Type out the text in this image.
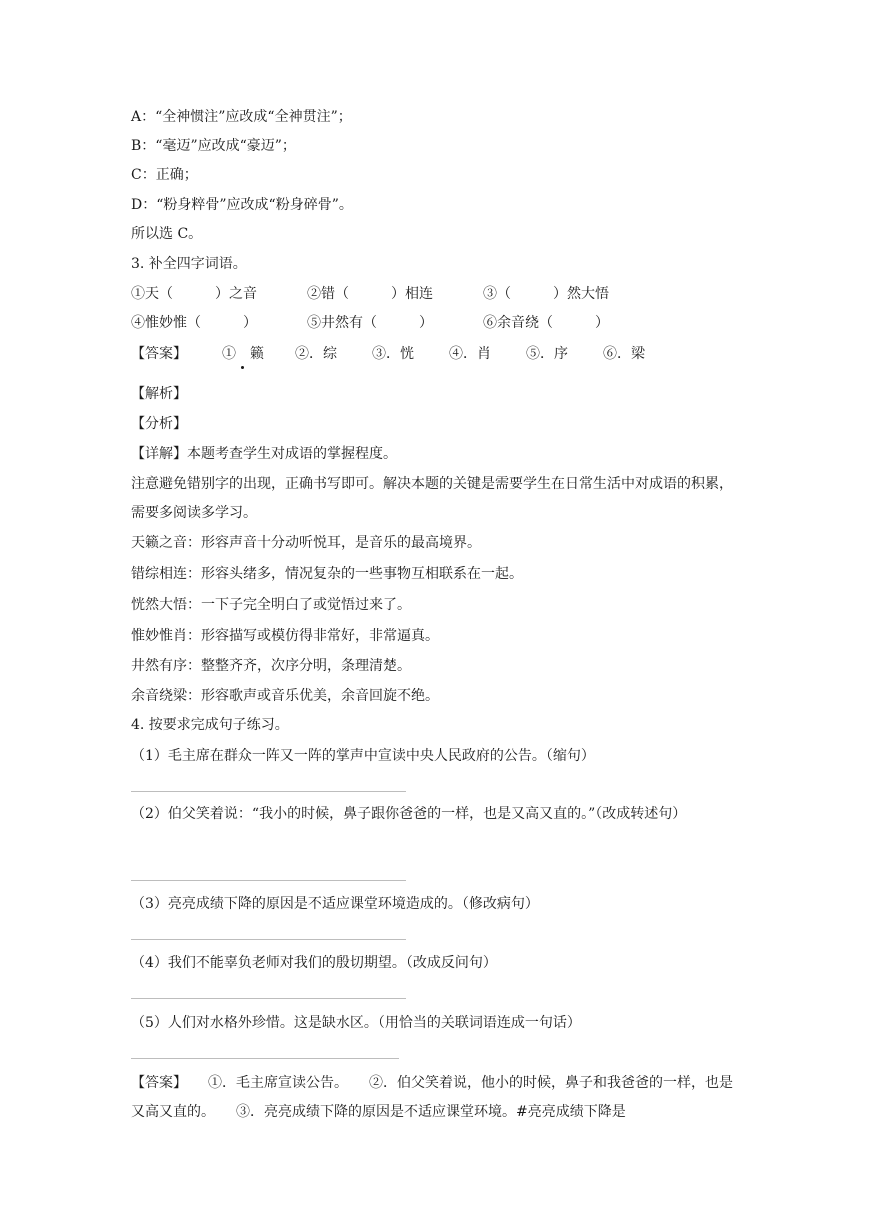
A：“全神惯注”应改成“全神贯注”；
B：“毫迈”应改成“豪迈”；
C：正确；
D：“粉身粹骨”应改成“粉身碎骨”。
所以选 C。
3. 补全四字词语。
①天（　　　）之音	②错（　　　）相连	③（　　　）然大悟
④惟妙惟（　　　）	⑤井然有（　　　）	⑥余音绕（　　　）
【答案】	①　籁 ②．综	③．恍	④．肖	⑤．序	⑥．梁
【解析】
【分析】
【详解】本题考查学生对成语的掌握程度。
注意避免错别字的出现，正确书写即可。解决本题的关键是需要学生在日常生活中对成语的积累，需要多阅读多学习。
天籁之音：形容声音十分动听悦耳，是音乐的最高境界。
错综相连：形容头绪多，情况复杂的一些事物互相联系在一起。
恍然大悟：一下子完全明白了或觉悟过来了。
惟妙惟肖：形容描写或模仿得非常好，非常逼真。
井然有序：整整齐齐，次序分明，条理清楚。
余音绕梁：形容歌声或音乐优美，余音回旋不绝。
4. 按要求完成句子练习。
（1）毛主席在群众一阵又一阵的掌声中宣读中央人民政府的公告。（缩句）
（2）伯父笑着说：“我小的时候，鼻子跟你爸爸的一样，也是又高又直的。”（改成转述句）
（3）亮亮成绩下降的原因是不适应课堂环境造成的。（修改病句）
（4）我们不能辜负老师对我们的殷切期望。（改成反问句）
（5）人们对水格外珍惜。这是缺水区。（用恰当的关联词语连成一句话）
【答案】　　①．毛主席宣读公告。　　②．伯父笑着说，他小的时候，鼻子和我爸爸的一样，也是又高又直的。　　③．亮亮成绩下降的原因是不适应课堂环境。#亮亮成绩下降是
